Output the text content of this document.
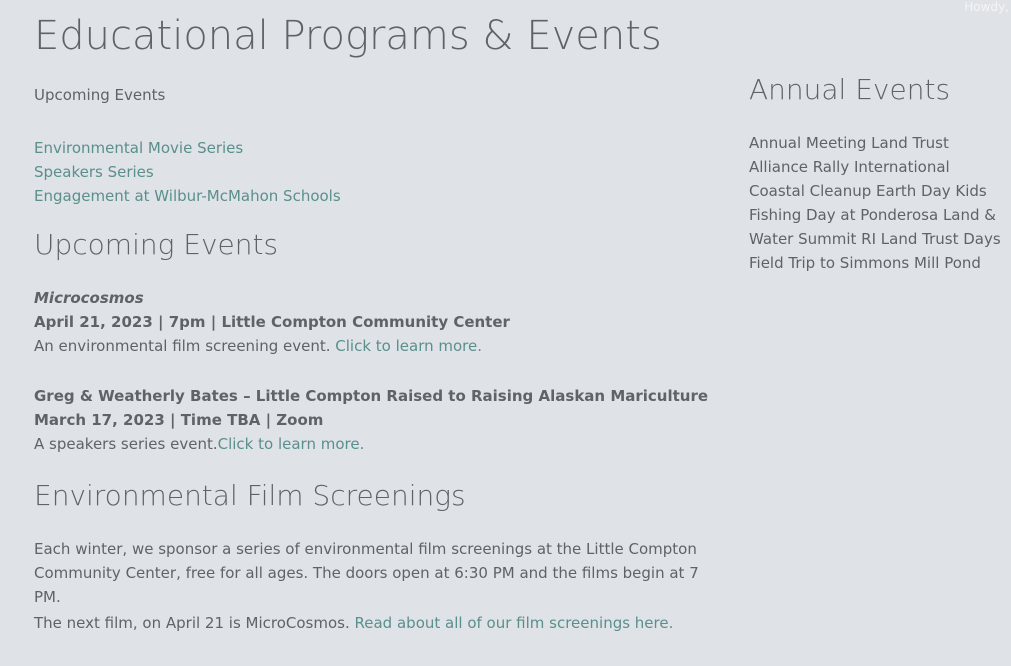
Howdy,
Educational Programs & Events
Upcoming Events
Environmental Movie Series
Speakers Series
Engagement at Wilbur-McMahon Schools
Upcoming Events
Microcosmos
April 21, 2023 | 7pm | Little Compton Community Center
An environmental film screening event. Click to learn more.
Greg & Weatherly Bates – Little Compton Raised to Raising Alaskan Mariculture
March 17, 2023 | Time TBA | Zoom
A speakers series event.Click to learn more.
Environmental Film Screenings
Each winter, we sponsor a series of environmental film screenings at the Little Compton
Community Center, free for all ages. The doors open at 6:30 PM and the films begin at 7 PM.
The next film, on April 21 is MicroCosmos. Read about all of our film screenings here.
Annual Events
Annual Meeting Land Trust
Alliance Rally International
Coastal Cleanup Earth Day Kids
Fishing Day at Ponderosa Land &
Water Summit RI Land Trust Days
Field Trip to Simmons Mill Pond
